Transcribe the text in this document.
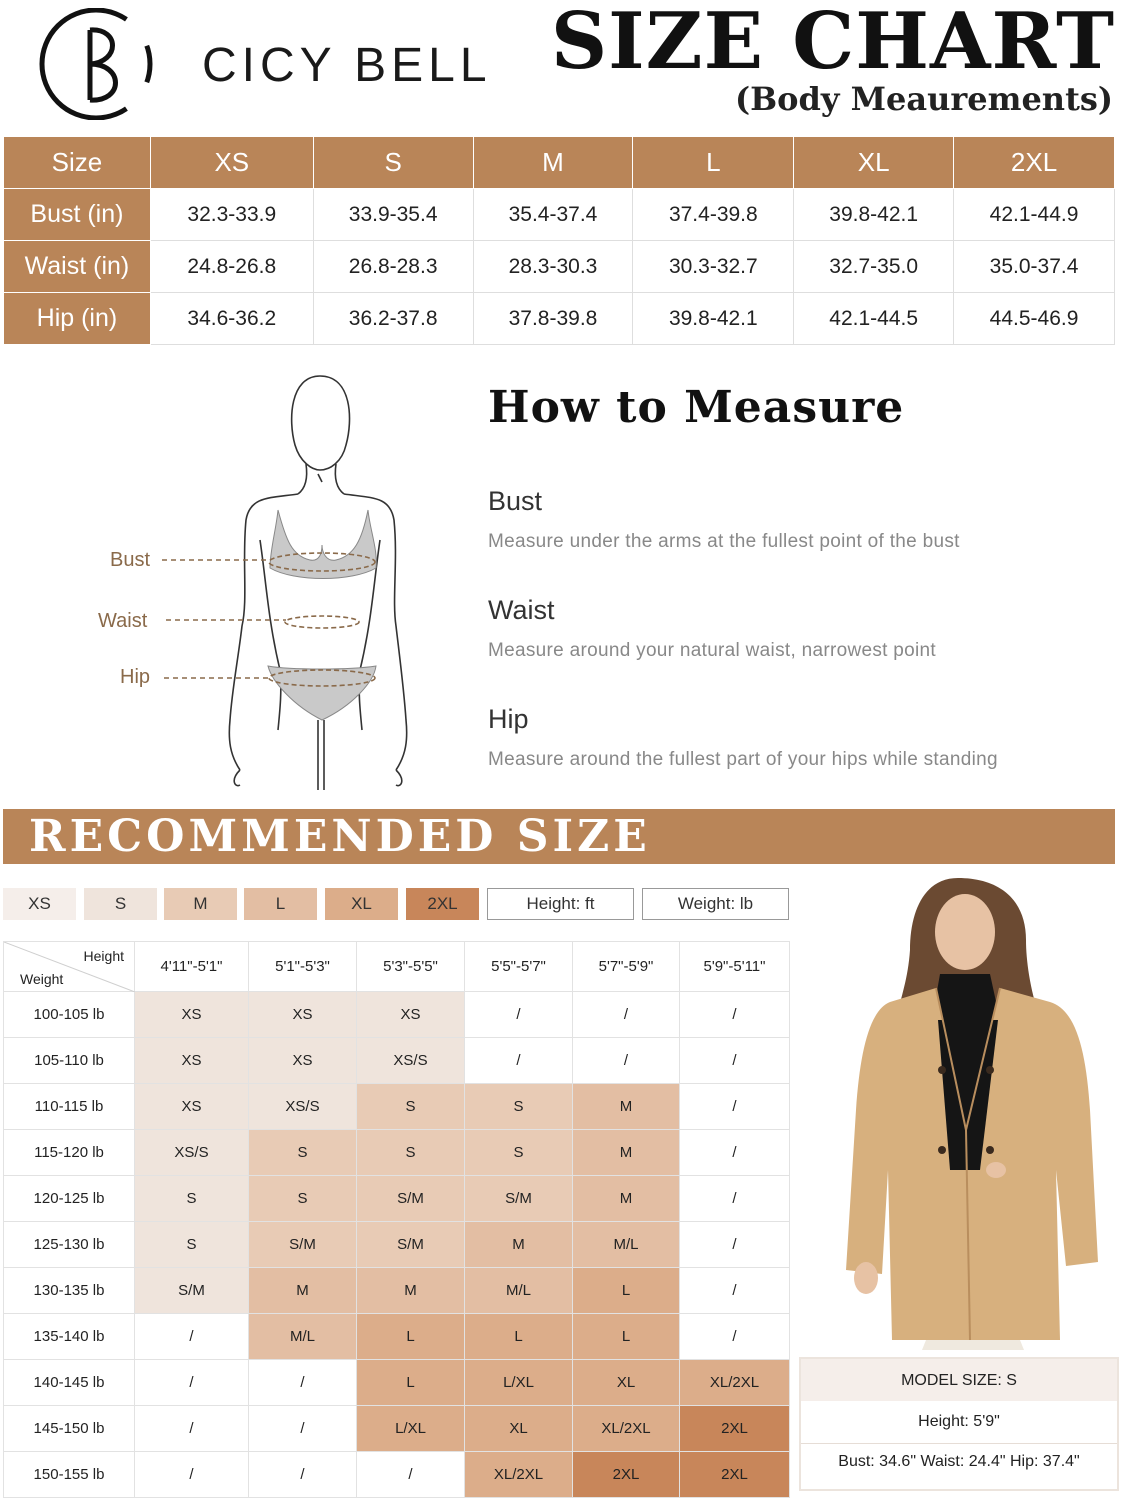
CICY BELL SIZE CHART
(Body Meaurements)
Size	XS	S	M	L	XL	2XL
Bust (in)	32.3-33.9	33.9-35.4	35.4-37.4	37.4-39.8	39.8-42.1	42.1-44.9
Waist (in)	24.8-26.8	26.8-28.3	28.3-30.3	30.3-32.7	32.7-35.0	35.0-37.4
Hip (in)	34.6-36.2	36.2-37.8	37.8-39.8	39.8-42.1	42.1-44.5	44.5-46.9
Bust
Waist
Hip
How to Measure
Bust
Measure under the arms at the fullest point of the bust
Waist
Measure around your natural waist, narrowest point
Hip
Measure around the fullest part of your hips while standing
RECOMMENDED SIZE
XS	S	M	L	XL	2XL	Height: ft	Weight: lb
Height
Weight	4'11"-5'1"	5'1"-5'3"	5'3"-5'5"	5'5"-5'7"	5'7"-5'9"	5'9"-5'11"
100-105 lb	XS	XS	XS	/	/	/
105-110 lb	XS	XS	XS/S	/	/	/
110-115 lb	XS	XS/S	S	S	M	/
115-120 lb	XS/S	S	S	S	M	/
120-125 lb	S	S	S/M	S/M	M	/
125-130 lb	S	S/M	S/M	M	M/L	/
130-135 lb	S/M	M	M	M/L	L	/
135-140 lb	/	M/L	L	L	L	/
140-145 lb	/	/	L	L/XL	XL	XL/2XL
145-150 lb	/	/	L/XL	XL	XL/2XL	2XL
150-155 lb	/	/	/	XL/2XL	2XL	2XL
MODEL SIZE: S
Height: 5'9"
Bust: 34.6" Waist: 24.4" Hip: 37.4"
